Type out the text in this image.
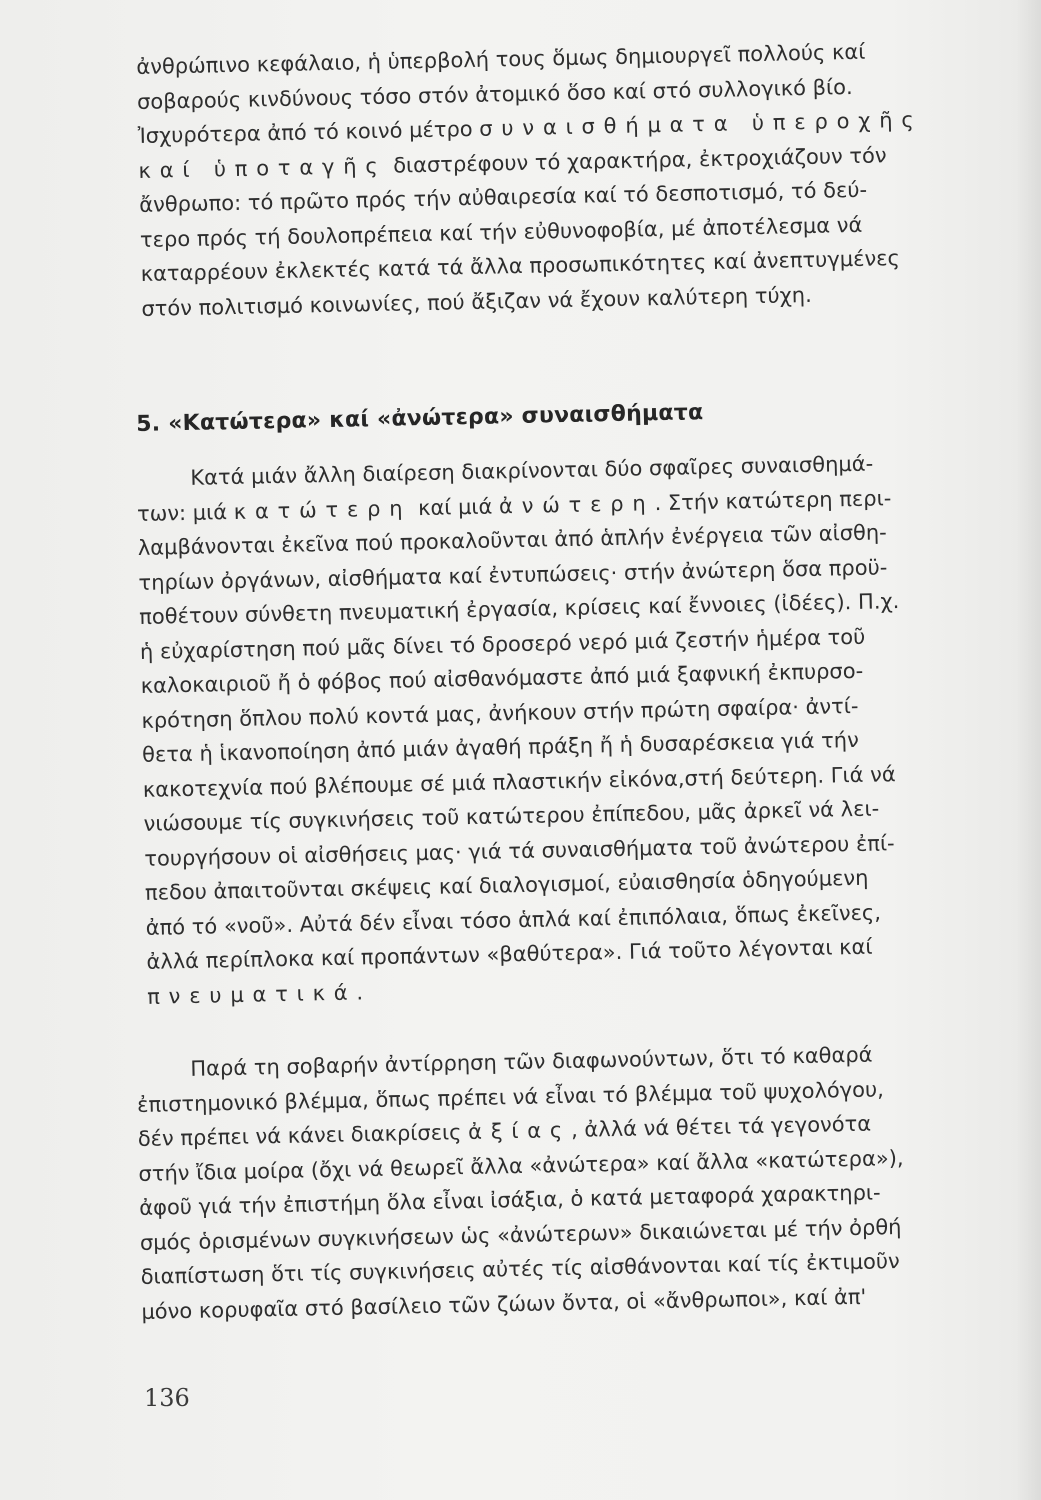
ἀνθρώπινο κεφάλαιο, ἡ ὑπερβολή τους ὅμως δημιουργεῖ πολλούς καί
σοβαρούς κινδύνους τόσο στόν ἀτομικό ὅσο καί στό συλλογικό βίο.
Ἰσχυρότερα ἀπό τό κοινό μέτρο συναισθήματα ὑπεροχῆς
καί ὑποταγῆς διαστρέφουν τό χαρακτήρα, ἐκτροχιάζουν τόν
ἄνθρωπο: τό πρῶτο πρός τήν αὐθαιρεσία καί τό δεσποτισμό, τό δεύ-
τερο πρός τή δουλοπρέπεια καί τήν εὐθυνοφοβία, μέ ἀποτέλεσμα νά
καταρρέουν ἐκλεκτές κατά τά ἄλλα προσωπικότητες καί ἀνεπτυγμένες
στόν πολιτισμό κοινωνίες, πού ἄξιζαν νά ἔχουν καλύτερη τύχη.
5. «Κατώτερα» καί «ἀνώτερα» συναισθήματα
Κατά μιάν ἄλλη διαίρεση διακρίνονται δύο σφαῖρες συναισθημά-
των: μιά κατώτερη καί μιά ἀνώτερη. Στήν κατώτερη περι-
λαμβάνονται ἐκεῖνα πού προκαλοῦνται ἀπό ἁπλήν ἐνέργεια τῶν αἰσθη-
τηρίων ὀργάνων, αἰσθήματα καί ἐντυπώσεις· στήν ἀνώτερη ὅσα προϋ-
ποθέτουν σύνθετη πνευματική ἐργασία, κρίσεις καί ἔννοιες (ἰδέες). Π.χ.
ἡ εὐχαρίστηση πού μᾶς δίνει τό δροσερό νερό μιά ζεστήν ἡμέρα τοῦ
καλοκαιριοῦ ἤ ὁ φόβος πού αἰσθανόμαστε ἀπό μιά ξαφνική ἐκπυρσο-
κρότηση ὅπλου πολύ κοντά μας, ἀνήκουν στήν πρώτη σφαίρα· ἀντί-
θετα ἡ ἱκανοποίηση ἀπό μιάν ἀγαθή πράξη ἤ ἡ δυσαρέσκεια γιά τήν
κακοτεχνία πού βλέπουμε σέ μιά πλαστικήν εἰκόνα,στή δεύτερη. Γιά νά
νιώσουμε τίς συγκινήσεις τοῦ κατώτερου ἐπίπεδου, μᾶς ἀρκεῖ νά λει-
τουργήσουν οἱ αἰσθήσεις μας· γιά τά συναισθήματα τοῦ ἀνώτερου ἐπί-
πεδου ἀπαιτοῦνται σκέψεις καί διαλογισμοί, εὐαισθησία ὁδηγούμενη
ἀπό τό «νοῦ». Αὐτά δέν εἶναι τόσο ἁπλά καί ἐπιπόλαια, ὅπως ἐκεῖνες,
ἀλλά περίπλοκα καί προπάντων «βαθύτερα». Γιά τοῦτο λέγονται καί
πνευματικά.
Παρά τη σοβαρήν ἀντίρρηση τῶν διαφωνούντων, ὅτι τό καθαρά
ἐπιστημονικό βλέμμα, ὅπως πρέπει νά εἶναι τό βλέμμα τοῦ ψυχολόγου,
δέν πρέπει νά κάνει διακρίσεις ἀξίας, ἀλλά νά θέτει τά γεγονότα
στήν ἴδια μοίρα (ὄχι νά θεωρεῖ ἄλλα «ἀνώτερα» καί ἄλλα «κατώτερα»),
ἀφοῦ γιά τήν ἐπιστήμη ὅλα εἶναι ἰσάξια, ὁ κατά μεταφορά χαρακτηρι-
σμός ὁρισμένων συγκινήσεων ὡς «ἀνώτερων» δικαιώνεται μέ τήν ὀρθή
διαπίστωση ὅτι τίς συγκινήσεις αὐτές τίς αἰσθάνονται καί τίς ἐκτιμοῦν
μόνο κορυφαῖα στό βασίλειο τῶν ζώων ὄντα, οἱ «ἄνθρωποι», καί ἀπ'
136
